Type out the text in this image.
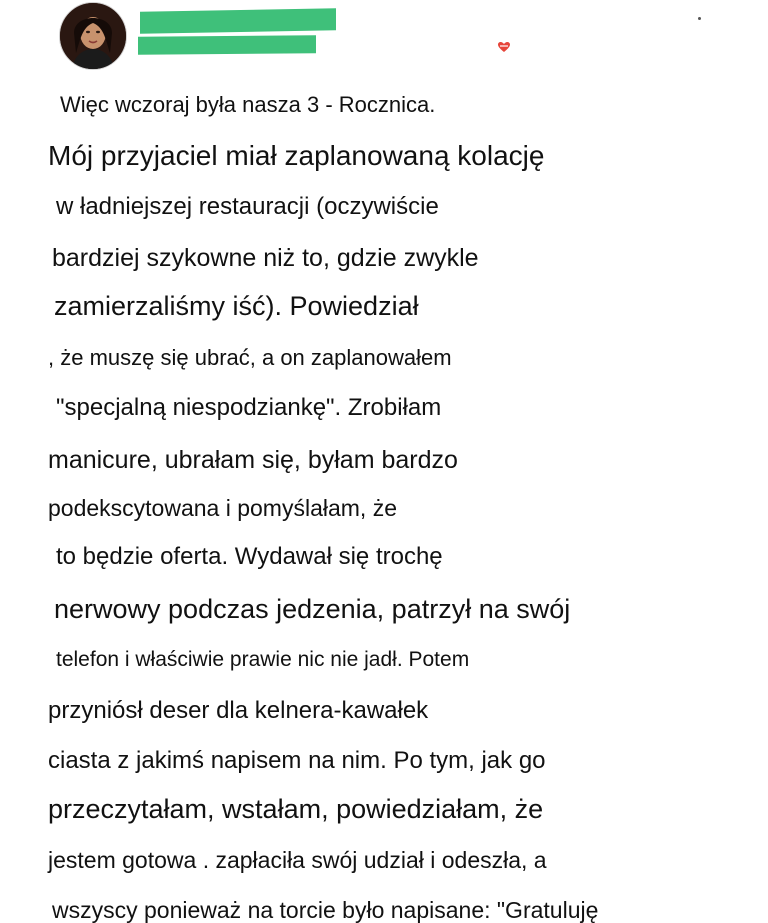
Więc wczoraj była nasza 3 - Rocznica.
Mój przyjaciel miał zaplanowaną kolację
w ładniejszej restauracji (oczywiście
bardziej szykowne niż to, gdzie zwykle
zamierzaliśmy iść). Powiedział
, że muszę się ubrać, a on zaplanowałem
"specjalną niespodziankę". Zrobiłam
manicure, ubrałam się, byłam bardzo
podekscytowana i pomyślałam, że
to będzie oferta. Wydawał się trochę
nerwowy podczas jedzenia, patrzył na swój
telefon i właściwie prawie nic nie jadł. Potem
przyniósł deser dla kelnera-kawałek
ciasta z jakimś napisem na nim. Po tym, jak go
przeczytałam, wstałam, powiedziałam, że
jestem gotowa . zapłaciła swój udział i odeszła, a
wszyscy ponieważ na torcie było napisane: "Gratuluję
